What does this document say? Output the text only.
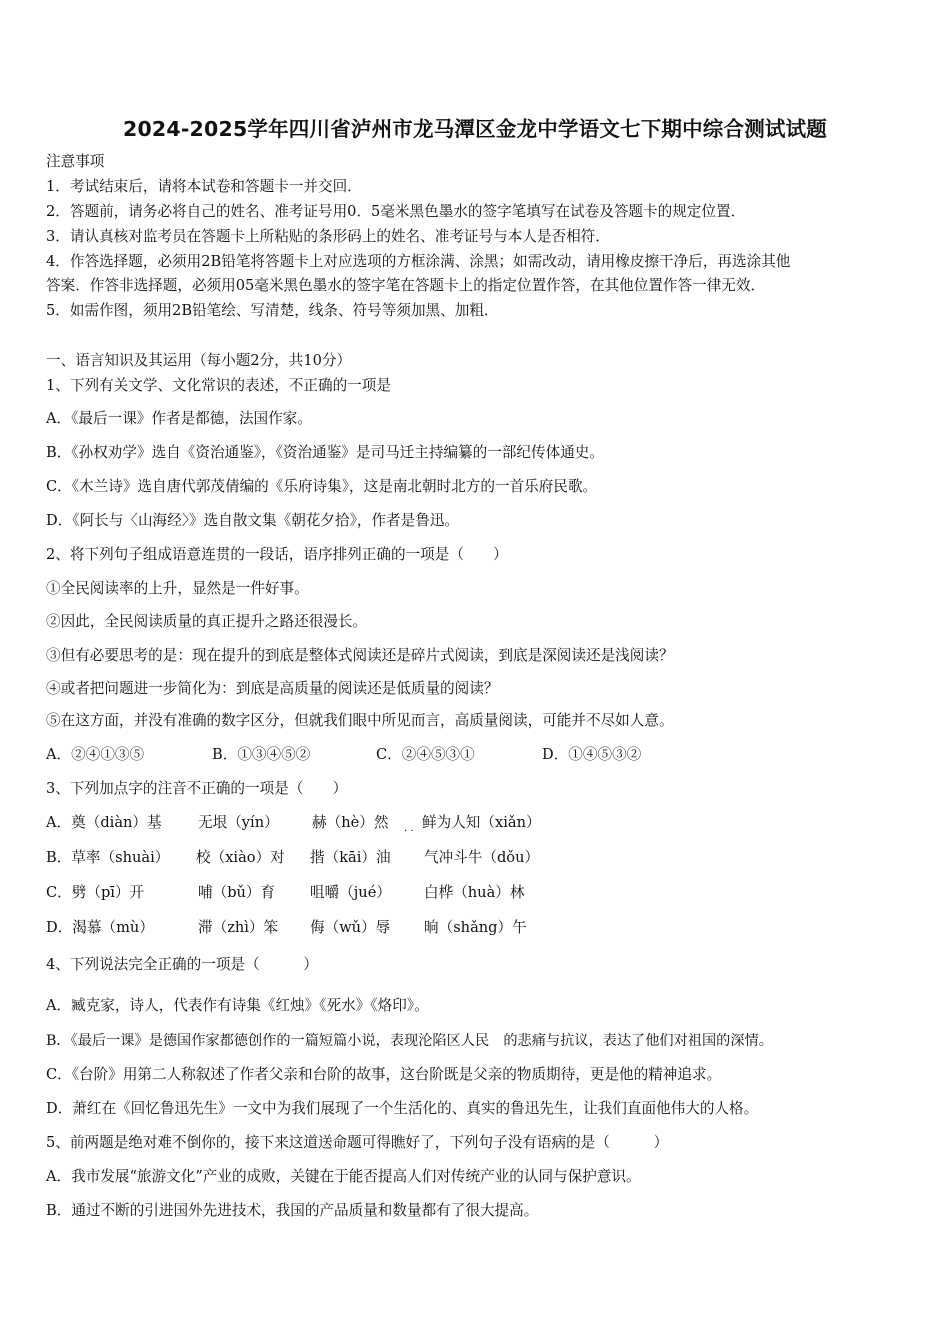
2024-2025学年四川省泸州市龙马潭区金龙中学语文七下期中综合测试试题
注意事项
1．考试结束后，请将本试卷和答题卡一并交回．
2．答题前，请务必将自己的姓名、准考证号用0．5毫米黑色墨水的签字笔填写在试卷及答题卡的规定位置．
3．请认真核对监考员在答题卡上所粘贴的条形码上的姓名、准考证号与本人是否相符．
4．作答选择题，必须用2B铅笔将答题卡上对应选项的方框涂满、涂黑；如需改动，请用橡皮擦干净后，再选涂其他
答案．作答非选择题，必须用05毫米黑色墨水的签字笔在答题卡上的指定位置作答，在其他位置作答一律无效．
5．如需作图，须用2B铅笔绘、写清楚，线条、符号等须加黑、加粗．
一、语言知识及其运用（每小题2分，共10分）
1、下列有关文学、文化常识的表述，不正确的一项是
A．《最后一课》作者是都德，法国作家。
B．《孙权劝学》选自《资治通鉴》，《资治通鉴》是司马迁主持编纂的一部纪传体通史。
C．《木兰诗》选自唐代郭茂倩编的《乐府诗集》，这是南北朝时北方的一首乐府民歌。
D．《阿长与〈山海经〉》选自散文集《朝花夕拾》，作者是鲁迅。
2、将下列句子组成语意连贯的一段话，语序排列正确的一项是（　　）
①全民阅读率的上升，显然是一件好事。
②因此，全民阅读质量的真正提升之路还很漫长。
③但有必要思考的是：现在提升的到底是整体式阅读还是碎片式阅读，到底是深阅读还是浅阅读？
④或者把问题进一步简化为：到底是高质量的阅读还是低质量的阅读？
⑤在这方面，并没有准确的数字区分，但就我们眼中所见而言，高质量阅读，可能并不尽如人意。
A．②④①③⑤	B．①③④⑤②	C．②④⑤③①	D．①④⑤③②
3、下列加点字的注音不正确的一项是（　　）
A．奠（diàn）基 无垠（yín） 赫（hè）然 . . 鲜为人知（xiǎn）
B．草率（shuài） 校（xiào）对 揩（kāi）油 气冲斗牛（dǒu）
C．劈（pī）开	哺（bǔ）育 咀嚼（jué） 白桦（huà）林
D．渴慕（mù）	滞（zhì）笨 侮（wǔ）辱 晌（shǎng）午
4、下列说法完全正确的一项是（　　　）
A．臧克家，诗人，代表作有诗集《红烛》《死水》《烙印》。
B．《最后一课》是德国作家都德创作的一篇短篇小说，表现沦陷区人民　的悲痛与抗议，表达了他们对祖国的深情。
C．《台阶》用第二人称叙述了作者父亲和台阶的故事，这台阶既是父亲的物质期待，更是他的精神追求。
D．萧红在《回忆鲁迅先生》一文中为我们展现了一个生活化的、真实的鲁迅先生，让我们直面他伟大的人格。
5、前两题是绝对难不倒你的，接下来这道送命题可得瞧好了，下列句子没有语病的是（　　　）
A．我市发展“旅游文化”产业的成败，关键在于能否提高人们对传统产业的认同与保护意识。
B．通过不断的引进国外先进技术，我国的产品质量和数量都有了很大提高。
